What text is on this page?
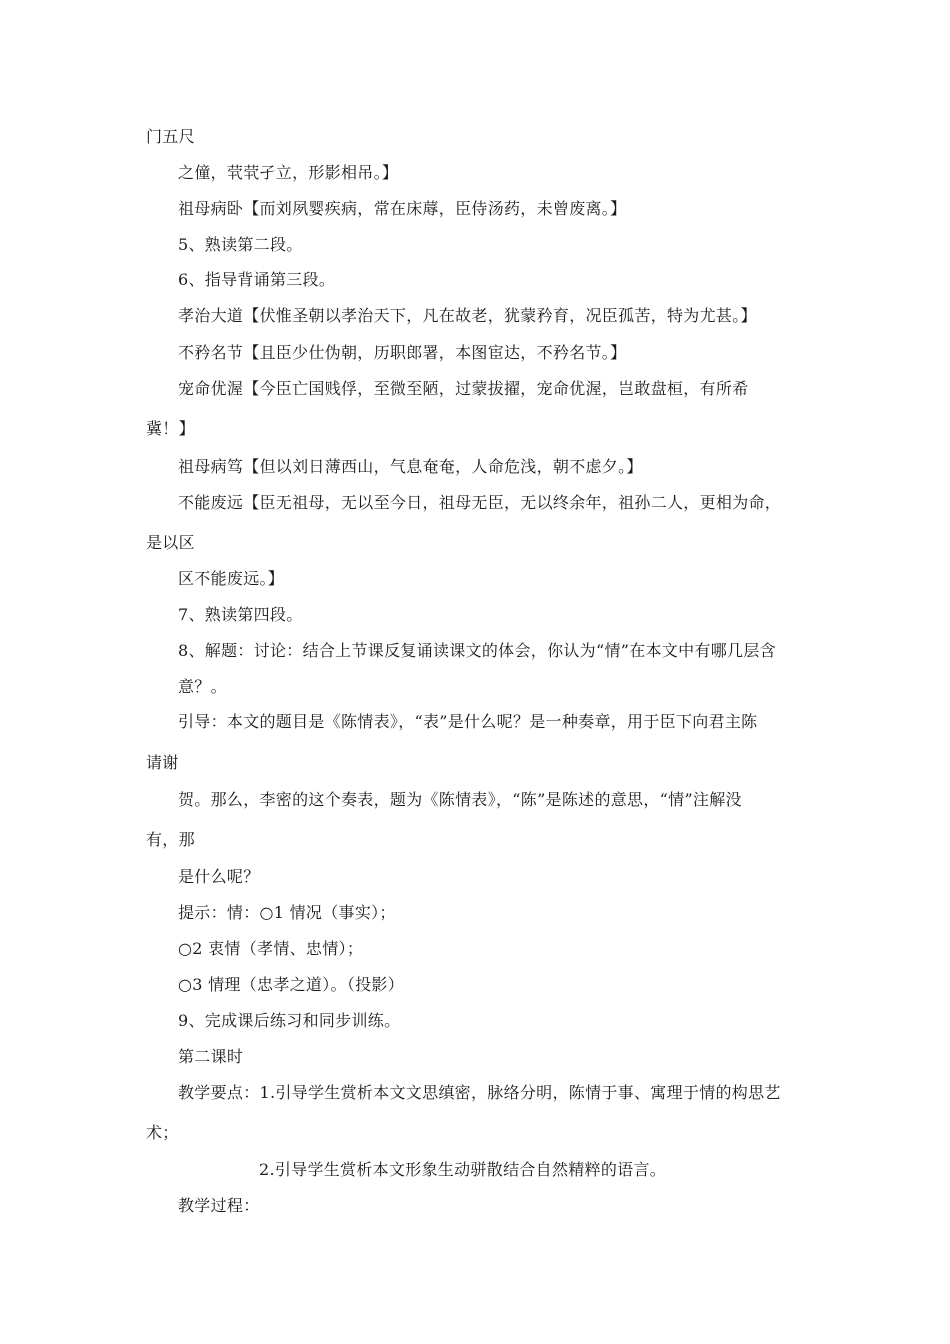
门五尺
之僮，茕茕孑立，形影相吊。】
祖母病卧【而刘夙婴疾病，常在床蓐，臣侍汤药，未曾废离。】
5、熟读第二段。
6、指导背诵第三段。
孝治大道【伏惟圣朝以孝治天下，凡在故老，犹蒙矜育，况臣孤苦，特为尤甚。】
不矜名节【且臣少仕伪朝，历职郎署，本图宦达，不矜名节。】
宠命优渥【今臣亡国贱俘，至微至陋，过蒙拔擢，宠命优渥，岂敢盘桓，有所希
冀！】
祖母病笃【但以刘日薄西山，气息奄奄，人命危浅，朝不虑夕。】
不能废远【臣无祖母，无以至今日，祖母无臣，无以终余年，祖孙二人，更相为命，
是以区
区不能废远。】
7、熟读第四段。
8、解题：讨论：结合上节课反复诵读课文的体会，你认为“情”在本文中有哪几层含
意？。
引导：本文的题目是《陈情表》，“表”是什么呢？是一种奏章，用于臣下向君主陈
请谢
贺。那么，李密的这个奏表，题为《陈情表》，“陈”是陈述的意思，“情”注解没
有，那
是什么呢？
提示：情：○1 情况（事实）；
○2 衷情（孝情、忠情）；
○3 情理（忠孝之道）。（投影）
9、完成课后练习和同步训练。
第二课时
教学要点：1.引导学生赏析本文文思缜密，脉络分明，陈情于事、寓理于情的构思艺
术；
2.引导学生赏析本文形象生动骈散结合自然精粹的语言。
教学过程：
